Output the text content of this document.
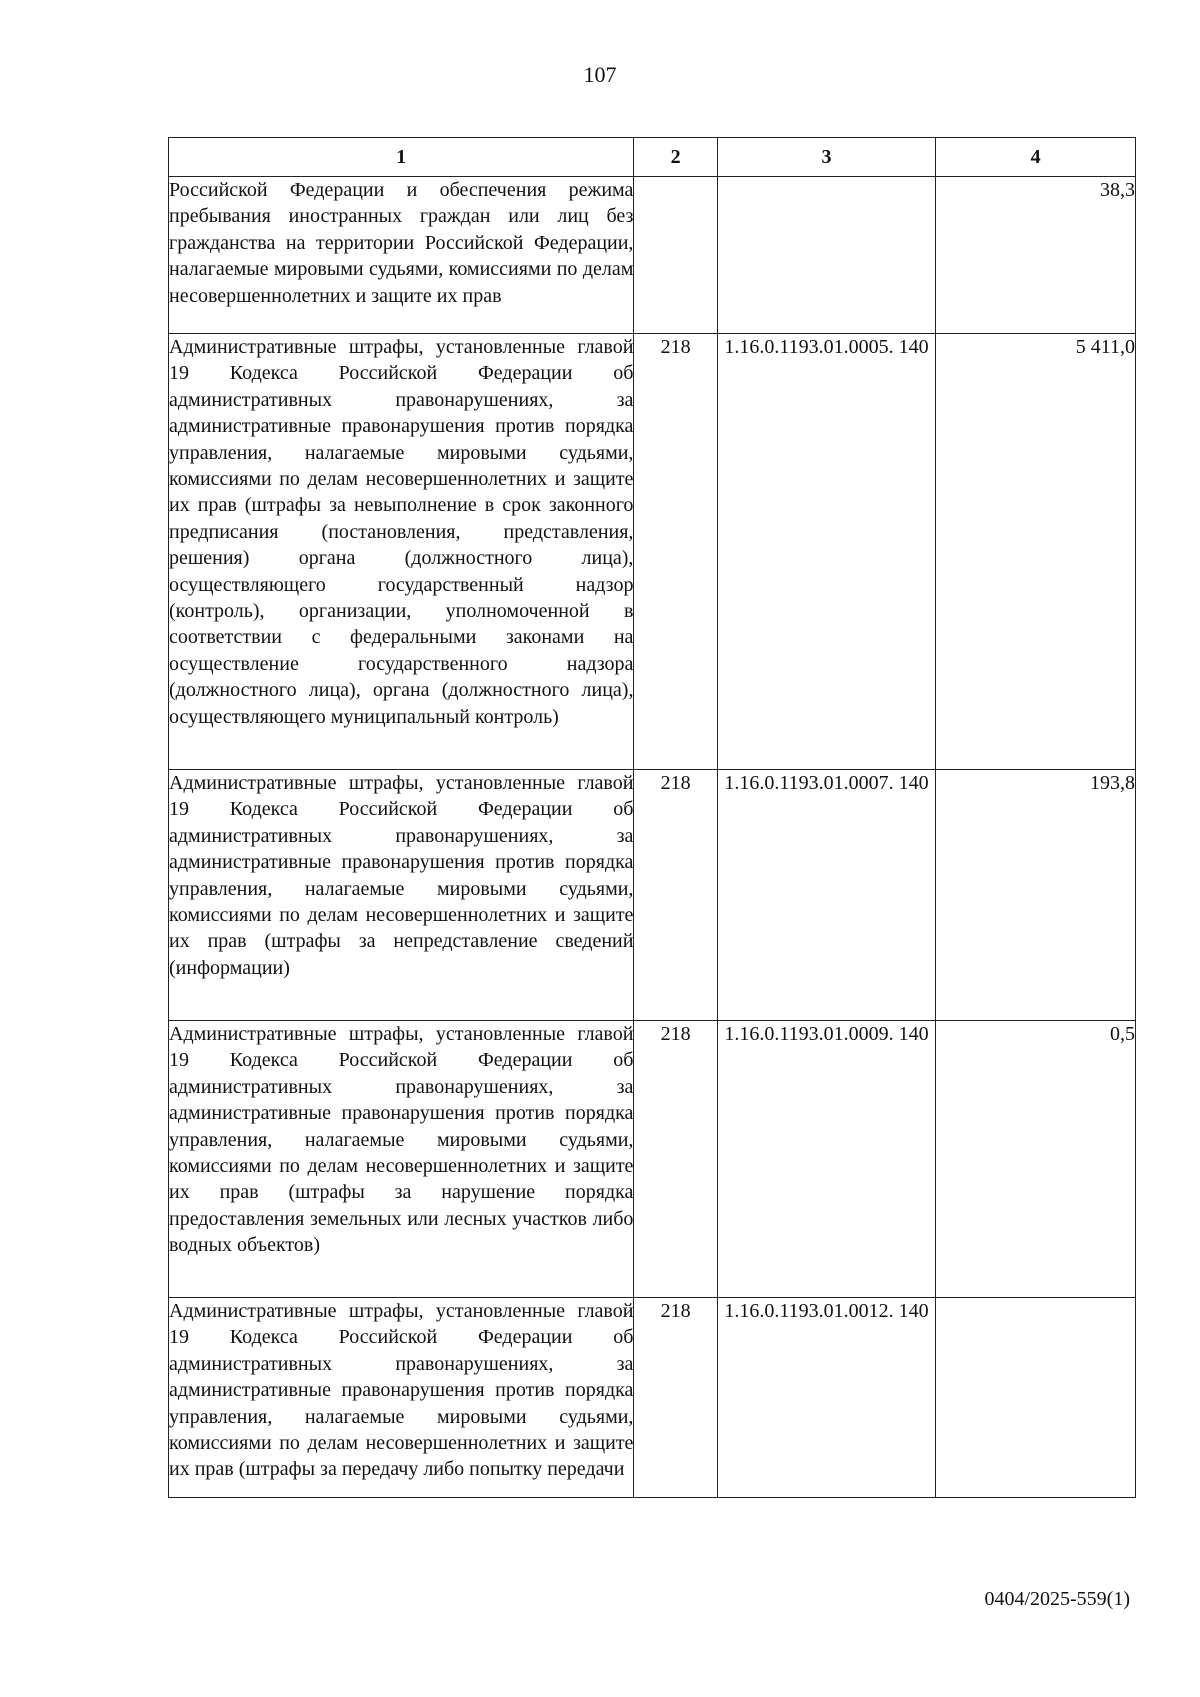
107
1	2	3	4

Российской Федерации и обеспечения режима пребывания иностранных граждан или лиц без гражданства на территории Российской Федерации, налагаемые мировыми судьями, комиссиями по делам несовершеннолетних и защите их прав			38,3

Административные штрафы, установленные главой 19 Кодекса Российской Федерации об административных правонарушениях, за административные правонарушения против порядка управления, налагаемые мировыми судьями, комиссиями по делам несовершеннолетних и защите их прав (штрафы за невыполнение в срок законного предписания (постановления, представления, решения) органа (должностного лица), осуществляющего государственный надзор (контроль), организации, уполномоченной в соответствии с федеральными законами на осуществление государственного надзора (должностного лица), органа (должностного лица), осуществляющего муниципальный контроль)	218	1.16.0.1193.01.0005. 140	5 411,0

Административные штрафы, установленные главой 19 Кодекса Российской Федерации об административных правонарушениях, за административные правонарушения против порядка управления, налагаемые мировыми судьями, комиссиями по делам несовершеннолетних и защите их прав (штрафы за непредставление сведений (информации)	218	1.16.0.1193.01.0007. 140	193,8

Административные штрафы, установленные главой 19 Кодекса Российской Федерации об административных правонарушениях, за административные правонарушения против порядка управления, налагаемые мировыми судьями, комиссиями по делам несовершеннолетних и защите их прав (штрафы за нарушение порядка предоставления земельных или лесных участков либо водных объектов)	218	1.16.0.1193.01.0009. 140	0,5

Административные штрафы, установленные главой 19 Кодекса Российской Федерации об административных правонарушениях, за административные правонарушения против порядка управления, налагаемые мировыми судьями, комиссиями по делам несовершеннолетних и защите их прав (штрафы за передачу либо попытку передачи	218	1.16.0.1193.01.0012. 140	
0404/2025-559(1)
